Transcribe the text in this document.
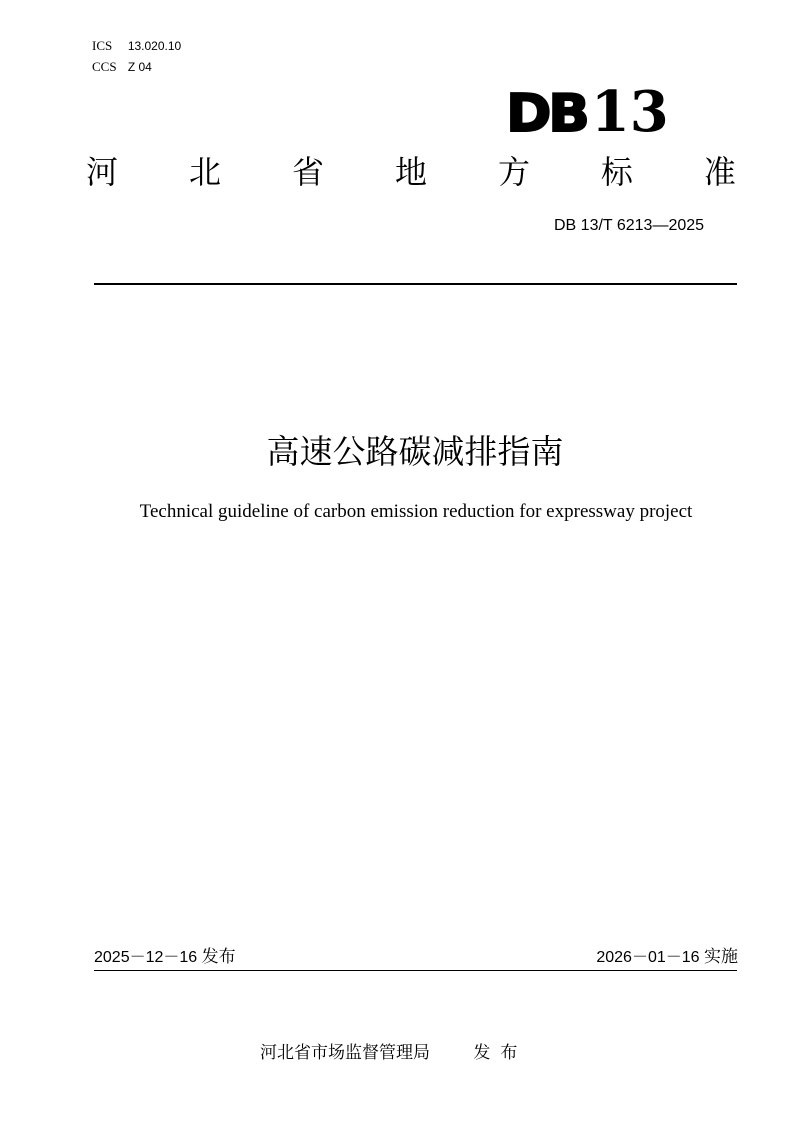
ICS 13.020.10
CCS Z 04
DB13
河 北 省 地 方 标 准
DB 13/T 6213—2025
高速公路碳减排指南
Technical guideline of carbon emission reduction for expressway project
2025－12－16 发布	2026－01－16 实施
河北省市场监督管理局	发布
